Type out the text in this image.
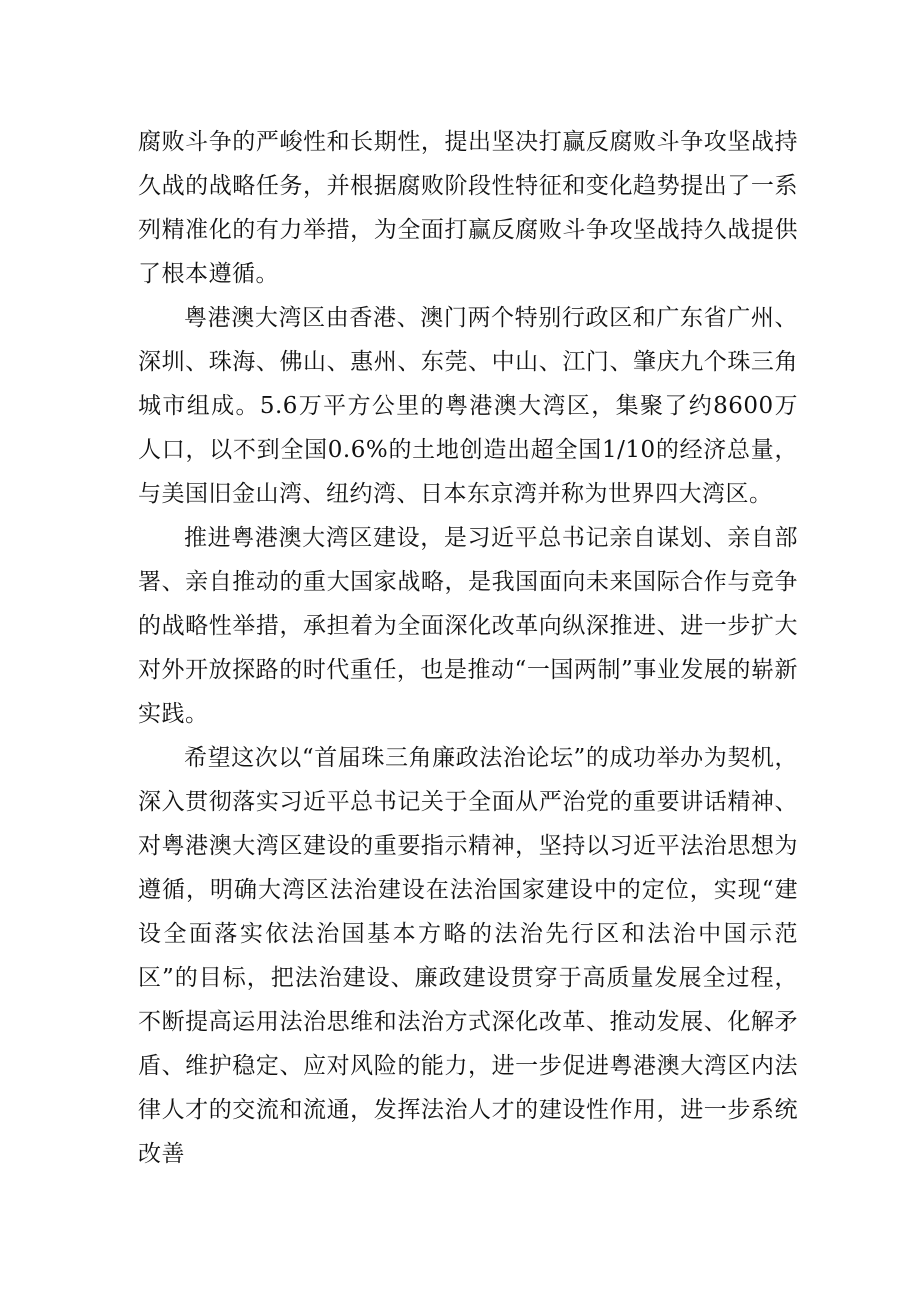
腐败斗争的严峻性和长期性，提出坚决打赢反腐败斗争攻坚战持久战的战略任务，并根据腐败阶段性特征和变化趋势提出了一系列精准化的有力举措，为全面打赢反腐败斗争攻坚战持久战提供了根本遵循。

粤港澳大湾区由香港、澳门两个特别行政区和广东省广州、深圳、珠海、佛山、惠州、东莞、中山、江门、肇庆九个珠三角城市组成。5.6万平方公里的粤港澳大湾区，集聚了约8600万人口，以不到全国0.6%的土地创造出超全国1/10的经济总量，与美国旧金山湾、纽约湾、日本东京湾并称为世界四大湾区。

推进粤港澳大湾区建设，是习近平总书记亲自谋划、亲自部署、亲自推动的重大国家战略，是我国面向未来国际合作与竞争的战略性举措，承担着为全面深化改革向纵深推进、进一步扩大对外开放探路的时代重任，也是推动“一国两制”事业发展的崭新实践。

希望这次以“首届珠三角廉政法治论坛”的成功举办为契机，深入贯彻落实习近平总书记关于全面从严治党的重要讲话精神、对粤港澳大湾区建设的重要指示精神，坚持以习近平法治思想为遵循，明确大湾区法治建设在法治国家建设中的定位，实现“建设全面落实依法治国基本方略的法治先行区和法治中国示范区”的目标，把法治建设、廉政建设贯穿于高质量发展全过程，不断提高运用法治思维和法治方式深化改革、推动发展、化解矛盾、维护稳定、应对风险的能力，进一步促进粤港澳大湾区内法律人才的交流和流通，发挥法治人才的建设性作用，进一步系统改善
